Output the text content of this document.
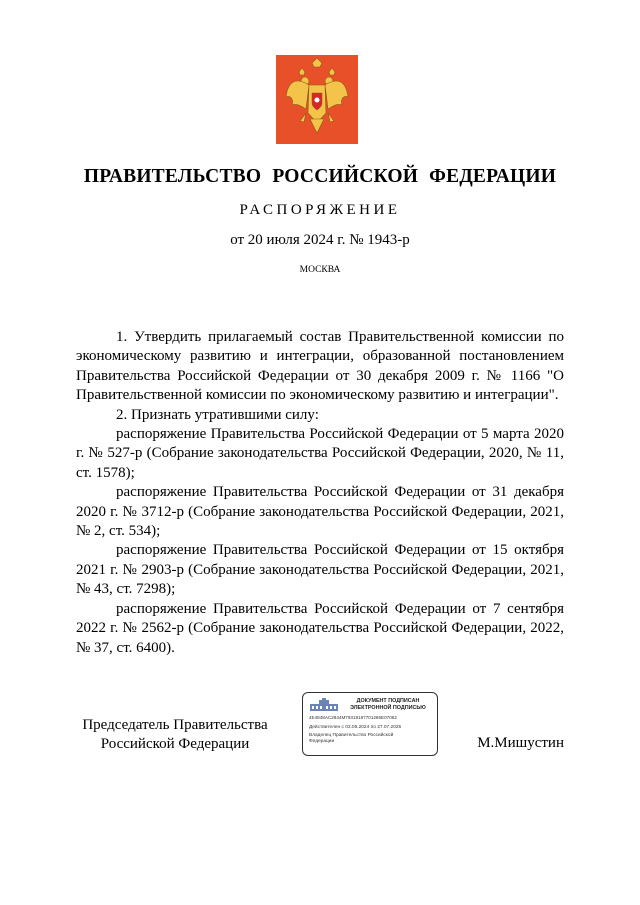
ПРАВИТЕЛЬСТВО РОССИЙСКОЙ ФЕДЕРАЦИИ
РАСПОРЯЖЕНИЕ
от 20 июля 2024 г. № 1943-р
МОСКВА

1. Утвердить прилагаемый состав Правительственной комиссии по экономическому развитию и интеграции, образованной постановлением Правительства Российской Федерации от 30 декабря 2009 г. № 1166 "О Правительственной комиссии по экономическому развитию и интеграции".

2. Признать утратившими силу:

распоряжение Правительства Российской Федерации от 5 марта 2020 г. № 527-р (Собрание законодательства Российской Федерации, 2020, № 11, ст. 1578);

распоряжение Правительства Российской Федерации от 31 декабря 2020 г. № 3712-р (Собрание законодательства Российской Федерации, 2021, № 2, ст. 534);

распоряжение Правительства Российской Федерации от 15 октября 2021 г. № 2903-р (Собрание законодательства Российской Федерации, 2021, № 43, ст. 7298);

распоряжение Правительства Российской Федерации от 7 сентября 2022 г. № 2562-р (Собрание законодательства Российской Федерации, 2022, № 37, ст. 6400).

Председатель Правительства
Российской Федерации
ДОКУМЕНТ ПОДПИСАН
ЭЛЕКТРОННОЙ ПОДПИСЬЮ
4E4848AC2844M79319187701286E07062
Действителен с 03.05.2024 по 27.07.2025
Владелец Правительство Российской Федерации	М.Мишустин
